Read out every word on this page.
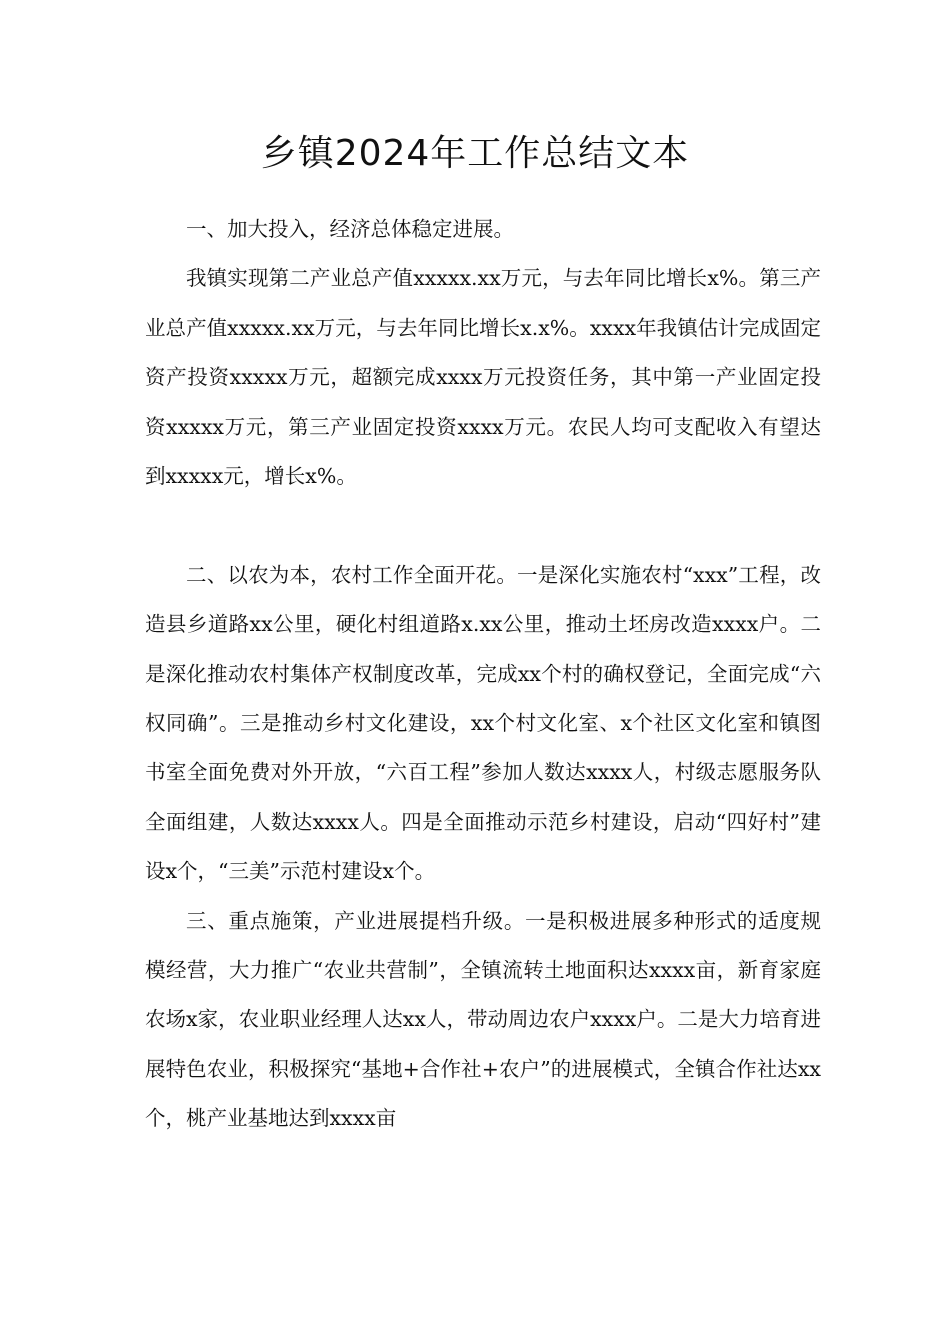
乡镇2024年工作总结文本

一、加大投入，经济总体稳定进展。

我镇实现第二产业总产值xxxxx.xx万元，与去年同比增长x%。第三产业总产值xxxxx.xx万元，与去年同比增长x.x%。xxxx年我镇估计完成固定资产投资xxxxx万元，超额完成xxxx万元投资任务，其中第一产业固定投资xxxxx万元，第三产业固定投资xxxx万元。农民人均可支配收入有望达到xxxxx元，增长x%。

二、以农为本，农村工作全面开花。一是深化实施农村“xxx”工程，改造县乡道路xx公里，硬化村组道路x.xx公里，推动土坯房改造xxxx户。二是深化推动农村集体产权制度改革，完成xx个村的确权登记，全面完成“六权同确”。三是推动乡村文化建设，xx个村文化室、x个社区文化室和镇图书室全面免费对外开放，“六百工程”参加人数达xxxx人，村级志愿服务队全面组建，人数达xxxx人。四是全面推动示范乡村建设，启动“四好村”建设x个，“三美”示范村建设x个。

三、重点施策，产业进展提档升级。一是积极进展多种形式的适度规模经营，大力推广“农业共营制”，全镇流转土地面积达xxxx亩，新育家庭农场x家，农业职业经理人达xx人，带动周边农户xxxx户。二是大力培育进展特色农业，积极探究“基地+合作社+农户”的进展模式，全镇合作社达xx个，桃产业基地达到xxxx亩
